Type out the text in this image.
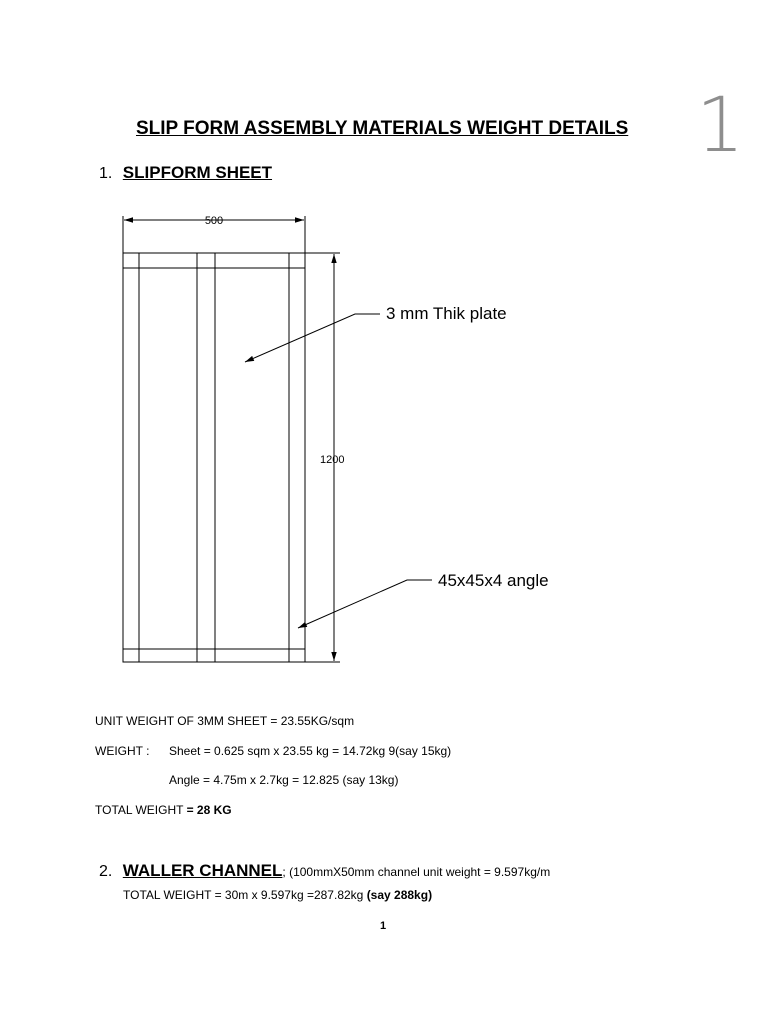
1
SLIP FORM ASSEMBLY MATERIALS WEIGHT DETAILS
1. SLIPFORM SHEET
500
1200
3 mm Thik plate
45x45x4 angle
UNIT WEIGHT OF 3MM SHEET = 23.55KG/sqm
WEIGHT : Sheet = 0.625 sqm x 23.55 kg = 14.72kg 9(say 15kg)
Angle = 4.75m x 2.7kg = 12.825 (say 13kg)
TOTAL WEIGHT = 28 KG
2. WALLER CHANNEL; (100mmX50mm channel unit weight = 9.597kg/m
TOTAL WEIGHT = 30m x 9.597kg =287.82kg (say 288kg)
1
